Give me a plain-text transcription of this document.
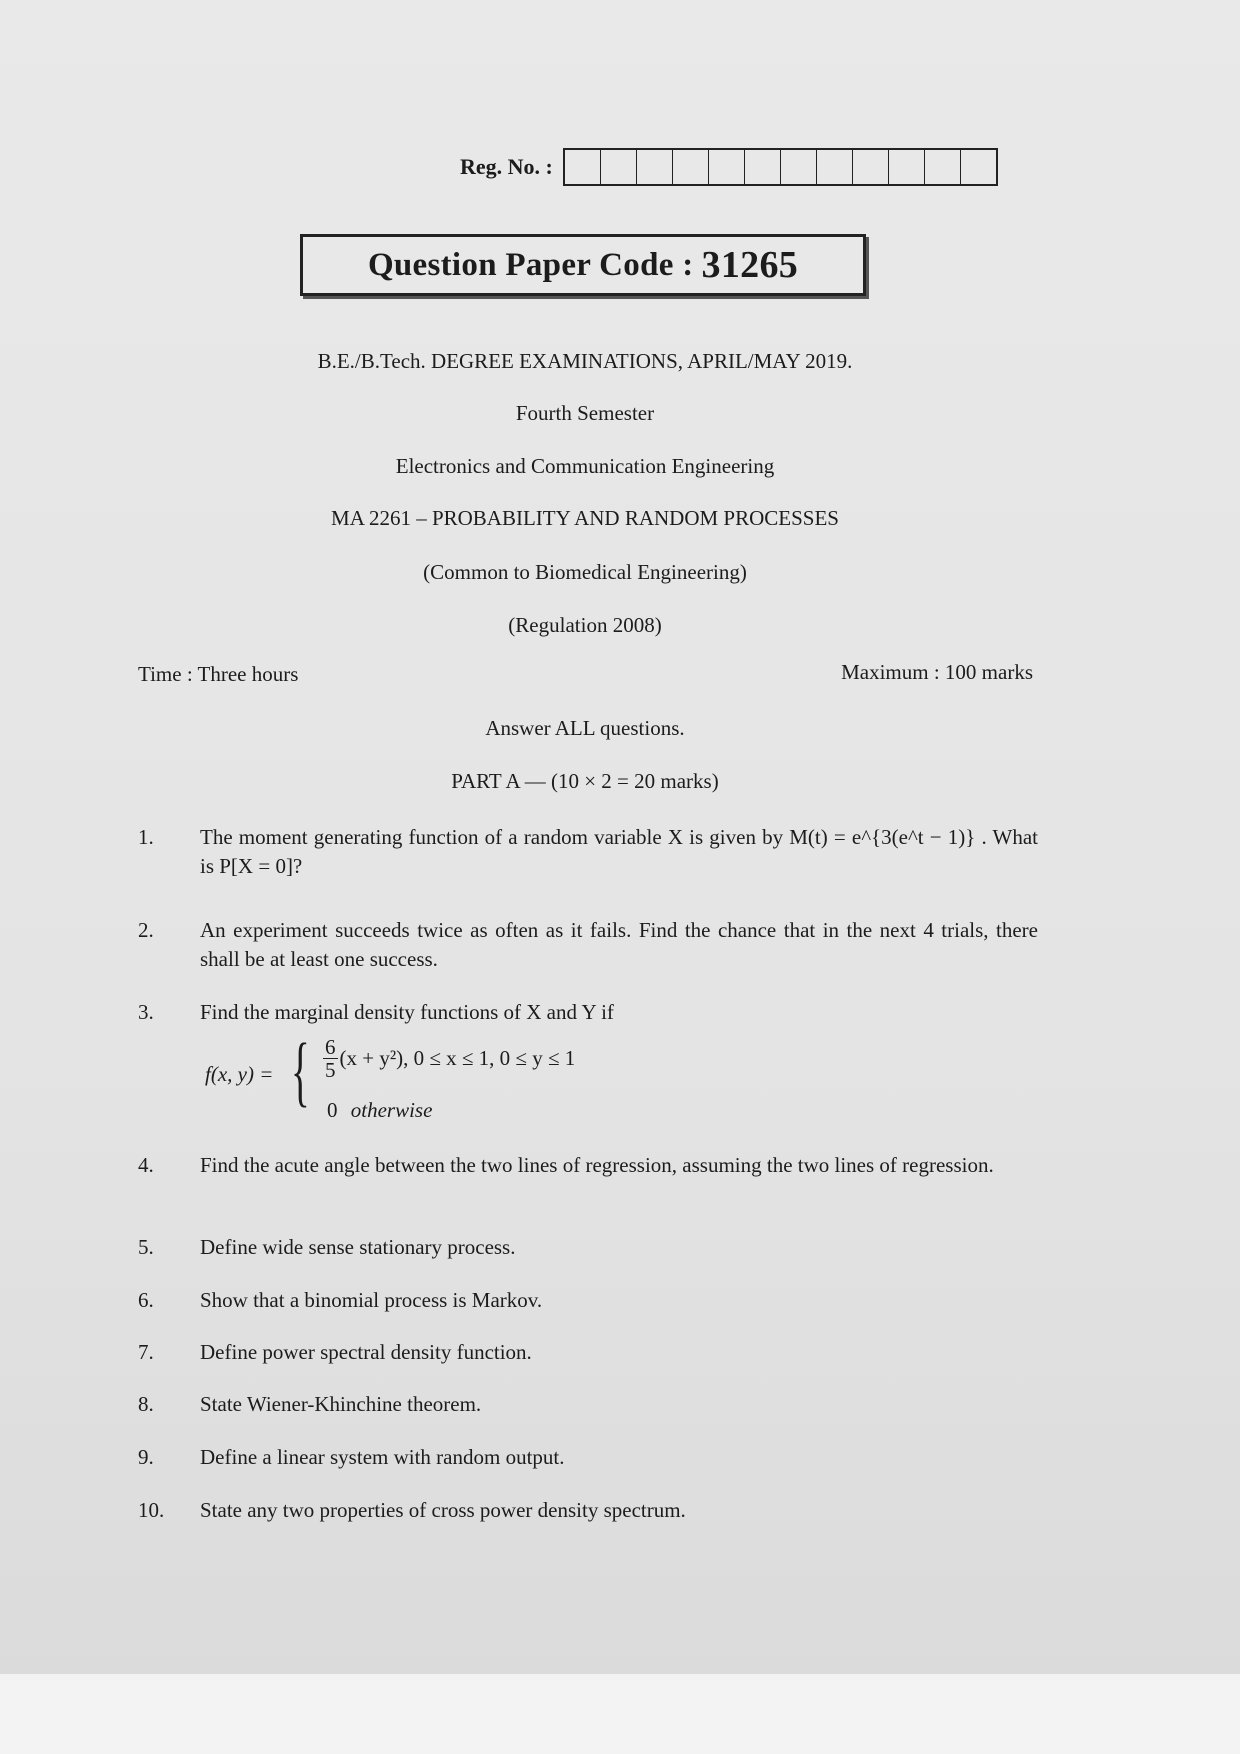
Reg. No. :
Question Paper Code : 31265
B.E./B.Tech. DEGREE EXAMINATIONS, APRIL/MAY 2019.
Fourth Semester
Electronics and Communication Engineering
MA 2261 – PROBABILITY AND RANDOM PROCESSES
(Common to Biomedical Engineering)
(Regulation 2008)
Time : Three hours	Maximum : 100 marks
Answer ALL questions.
PART A — (10 × 2 = 20 marks)
1.	The moment generating function of a random variable X is given by M(t) = e^{3(e^t − 1)} . What is P[X = 0]?
2.	An experiment succeeds twice as often as it fails. Find the chance that in the next 4 trials, there shall be at least one success.
3.	Find the marginal density functions of X and Y if
f(x, y) = { $\frac{6}{5} (x + y^2)$, 0 ≤ x ≤ 1, 0 ≤ y ≤ 1
0 otherwise
4.	Find the acute angle between the two lines of regression, assuming the two lines of regression.
5.	Define wide sense stationary process.
6.	Show that a binomial process is Markov.
7.	Define power spectral density function.
8.	State Wiener-Khinchine theorem.
9.	Define a linear system with random output.
10.	State any two properties of cross power density spectrum.
